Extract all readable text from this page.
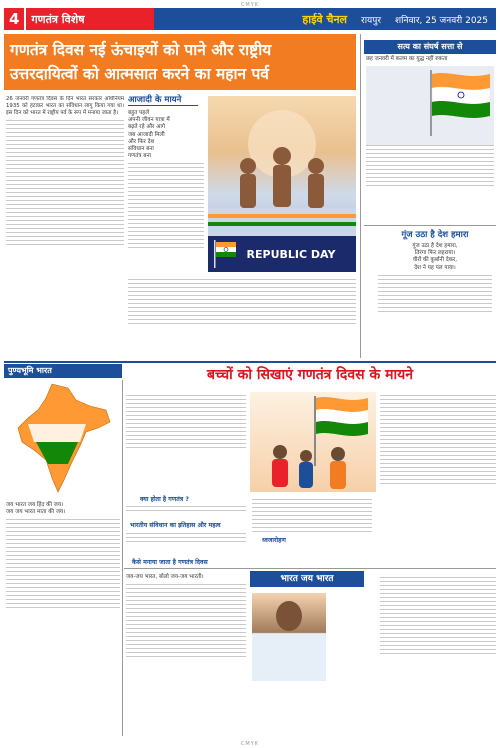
CMYK
4	गणतंत्र विशेष	हाईवे चैनल रायपुर शनिवार, 25 जनवरी 2025
गणतंत्र दिवस नई ऊंचाइयों को पाने और राष्ट्रीय
उत्तरदायित्वों को आत्मसात करने का महान पर्व

26 जनवरी गणतंत्र दिवस के दिन भारत सरकार अधिनियम 1935 को हटाकर भारत का संविधान लागू किया गया था। इस दिन को भारत में राष्ट्रीय पर्व के रूप में मनाया जाता है।

आजादी के मायने
बहुत पहले
अपनी जीवन यात्रा में
बढ़ते रहे और आगे
जब आजादी मिली
और फिर देश
संविधान बना
गणतंत्र बना
REPUBLIC DAY
सत्य का संघर्ष सत्ता से
छह जनवरी में कलम का युद्ध नहीं रुकता
गूंज उठा है देश हमारा
गूंज उठा है देश हमारा,
तिरंगा फिर लहराया।
वीरों की कुर्बानी देकर,
देश ने यह पल पाया।
पुण्यभूमि भारत
जय भारत जय हिंद की जय।
जय जय भारत माता की जय।
बच्चों को सिखाएं गणतंत्र दिवस के मायने
क्या होता है गणतंत्र ?
भारतीय संविधान का इतिहास और महत्व
कैसे मनाया जाता है गणतंत्र दिवस
ध्वजारोहण
जय-जय भारत, बोलो जय-जय भारती।	भारत जय भारत
CMYK
